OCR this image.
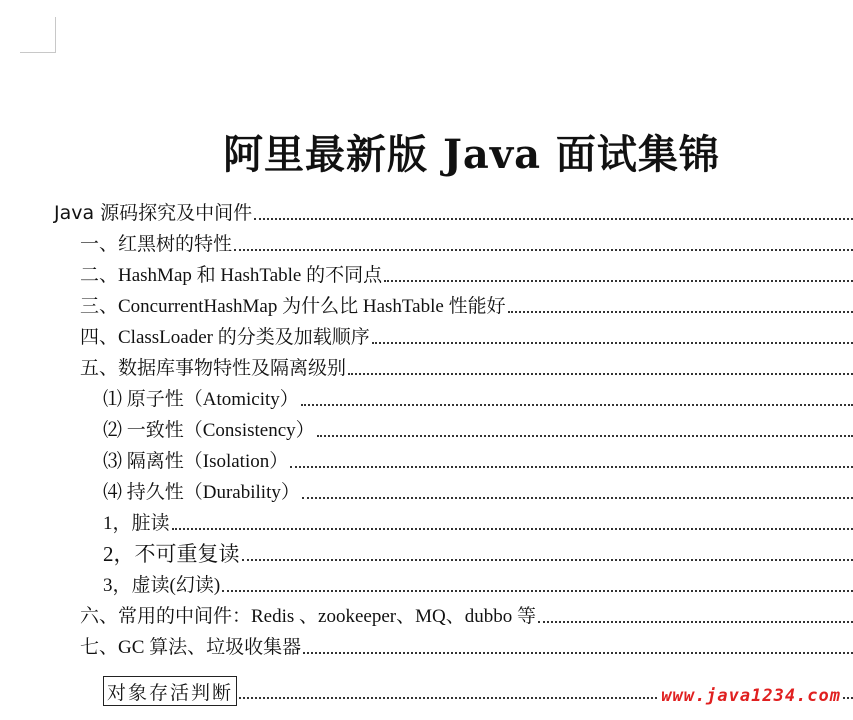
阿里最新版 Java 面试集锦
Java 源码探究及中间件
一、红黑树的特性
二、HashMap 和 HashTable 的不同点
三、ConcurrentHashMap 为什么比 HashTable 性能好
四、ClassLoader 的分类及加载顺序
五、数据库事物特性及隔离级别
⑴ 原子性（Atomicity）
⑵ 一致性（Consistency）
⑶ 隔离性（Isolation）
⑷ 持久性（Durability）
1，脏读
2，不可重复读
3，虚读(幻读)
六、常用的中间件：Redis 、zookeeper、MQ、dubbo 等
七、GC 算法、垃圾收集器
对象存活判断	www.java1234.com
